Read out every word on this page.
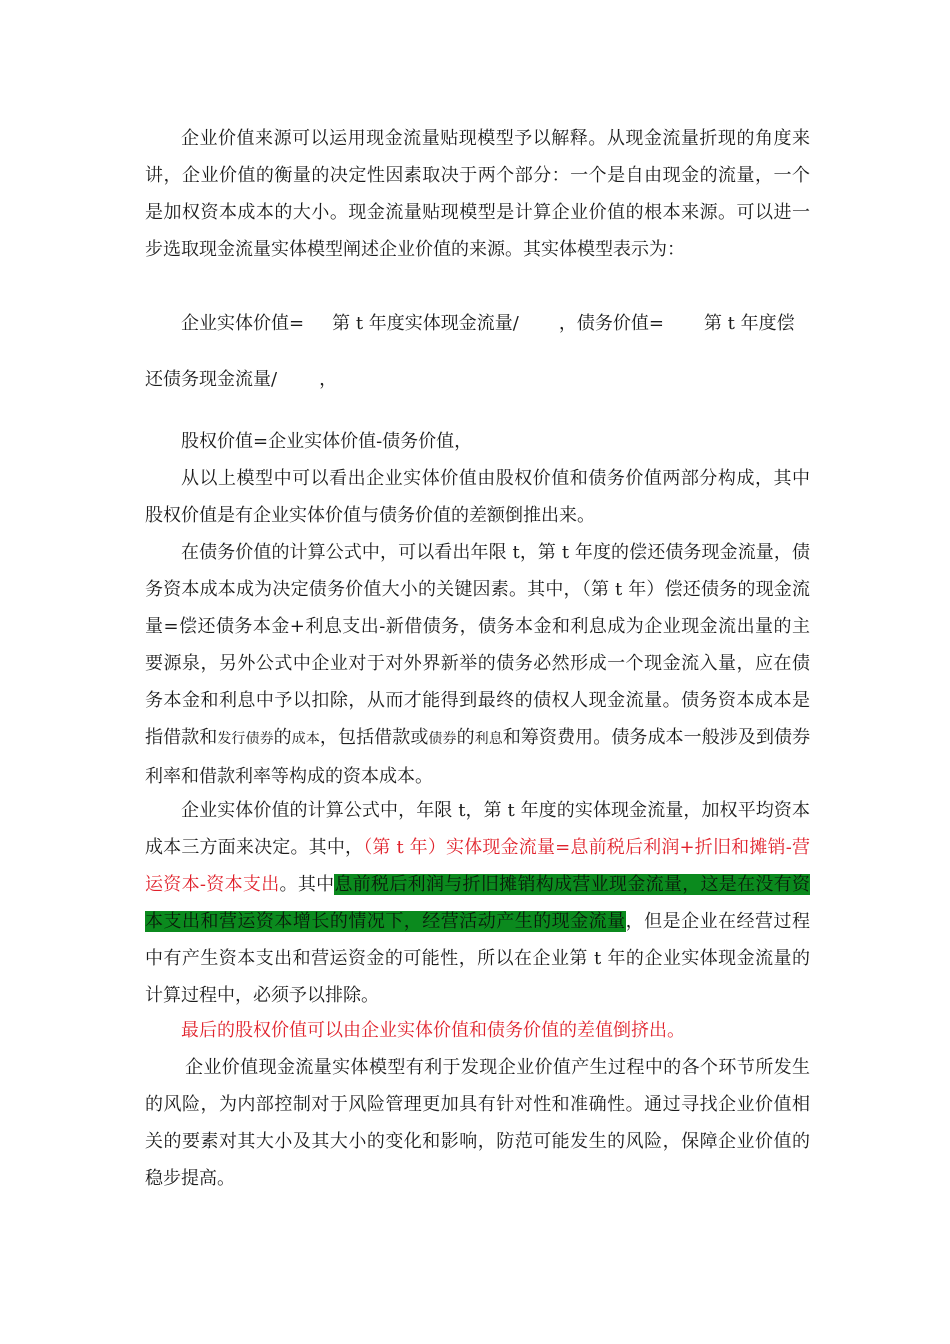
企业价值来源可以运用现金流量贴现模型予以解释。从现金流量折现的角度来讲，企业价值的衡量的决定性因素取决于两个部分：一个是自由现金的流量，一个是加权资本成本的大小。现金流量贴现模型是计算企业价值的根本来源。可以进一步选取现金流量实体模型阐述企业价值的来源。其实体模型表示为：

企业实体价值= 第 t 年度实体现金流量/ ，债务价值= 第 t 年度偿

还债务现金流量/ ，

股权价值=企业实体价值-债务价值，

从以上模型中可以看出企业实体价值由股权价值和债务价值两部分构成，其中股权价值是有企业实体价值与债务价值的差额倒推出来。

在债务价值的计算公式中，可以看出年限 t，第 t 年度的偿还债务现金流量，债务资本成本成为决定债务价值大小的关键因素。其中，（第 t 年）偿还债务的现金流量=偿还债务本金+利息支出-新借债务，债务本金和利息成为企业现金流出量的主要源泉，另外公式中企业对于对外界新举的债务必然形成一个现金流入量，应在债务本金和利息中予以扣除，从而才能得到最终的债权人现金流量。债务资本成本是指借款和发行债券的成本，包括借款或债券的利息和筹资费用。债务成本一般涉及到债券利率和借款利率等构成的资本成本。

企业实体价值的计算公式中，年限 t，第 t 年度的实体现金流量，加权平均资本成本三方面来决定。其中，（第 t 年）实体现金流量=息前税后利润+折旧和摊销-营运资本-资本支出。其中息前税后利润与折旧摊销构成营业现金流量，这是在没有资本支出和营运资本增长的情况下，经营活动产生的现金流量，但是企业在经营过程中有产生资本支出和营运资金的可能性，所以在企业第 t 年的企业实体现金流量的计算过程中，必须予以排除。

最后的股权价值可以由企业实体价值和债务价值的差值倒挤出。

企业价值现金流量实体模型有利于发现企业价值产生过程中的各个环节所发生的风险，为内部控制对于风险管理更加具有针对性和准确性。通过寻找企业价值相关的要素对其大小及其大小的变化和影响，防范可能发生的风险，保障企业价值的稳步提高。
